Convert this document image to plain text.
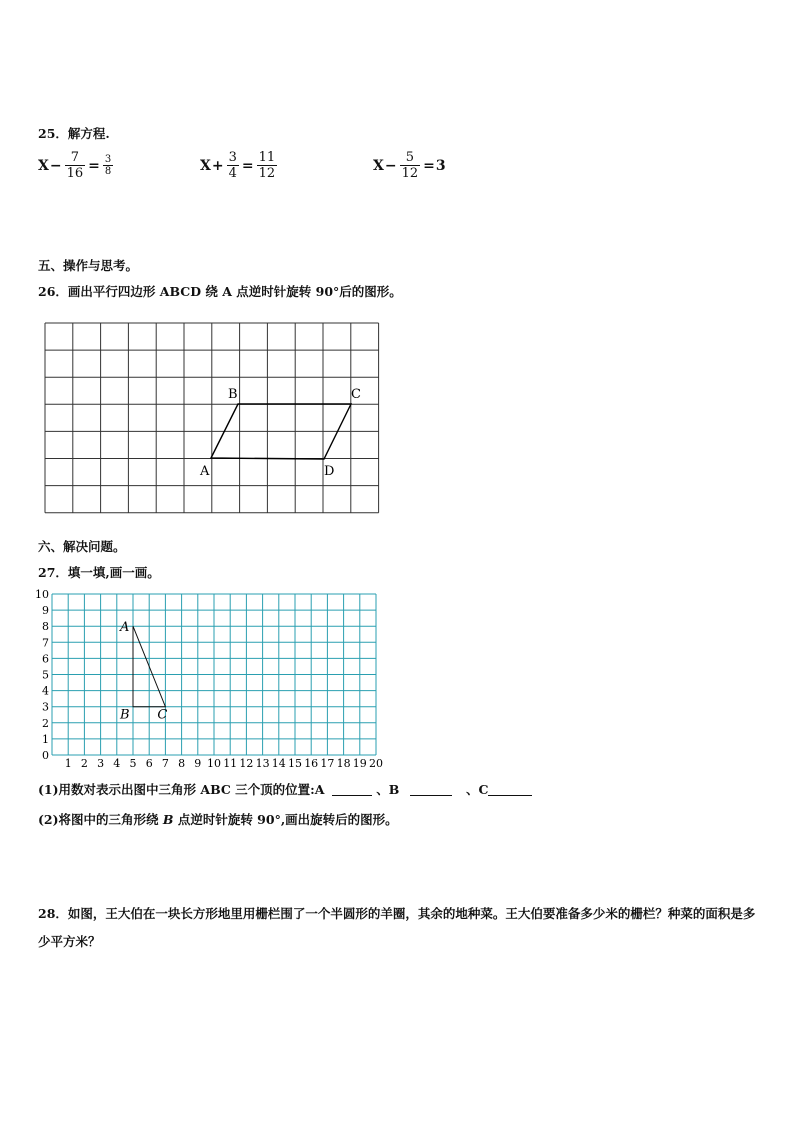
25．解方程.
$X - \frac{7}{16} = \frac{3}{8}$	$X + \frac{3}{4} = \frac{11}{12}$	$X - \frac{5}{12} = 3$
五、操作与思考。
26．画出平行四边形 ABCD 绕 A 点逆时针旋转 90°后的图形。
B	C
A	D
六、解决问题。
27．填一填,画一画。
1 2 3 4 5 6 7 8 9 10 11 12 13 14 15 16 17 18 19 20
0
1
2
3
4
5
6
7
8
9
10
A
B C
(1)用数对表示出图中三角形 ABC 三个顶的位置:A	、B	、C
(2)将图中的三角形绕 B 点逆时针旋转 90°,画出旋转后的图形。
28．如图，王大伯在一块长方形地里用栅栏围了一个半圆形的羊圈，其余的地种菜。王大伯要准备多少米的栅栏？种菜的面积是多少平方米？
